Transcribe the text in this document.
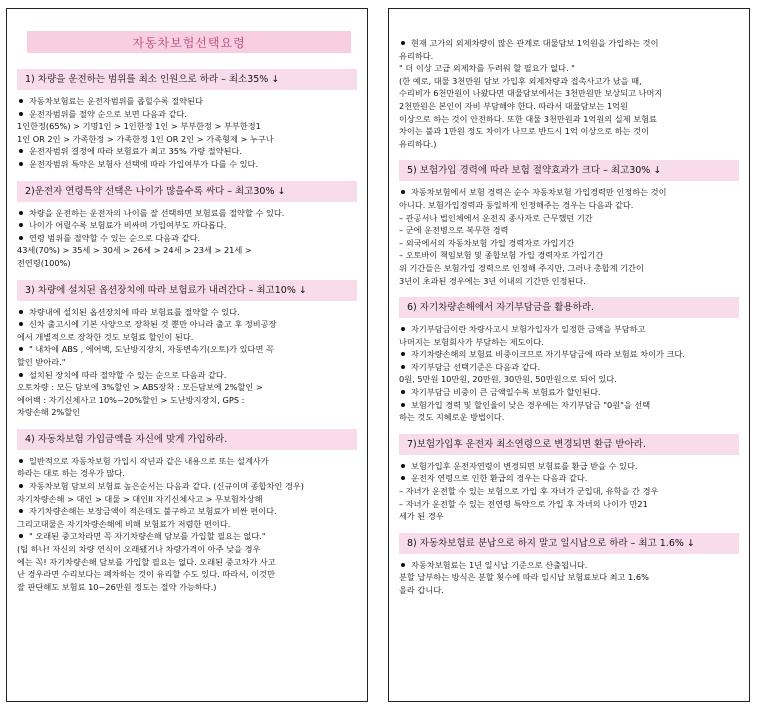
자동차보험선택요령
1) 차량을 운전하는 범위를 최소 인원으로 하라 – 최소35% ↓
자동차보험료는 운전자범위를 좁힐수록 절약된다
운전자범위를 절약 순으로 보면 다음과 같다.
1인한정(65%) > 기명1인 > 1인한정 1인 > 부부한정 > 부부한정1
1인 OR 2인 > 가족한정 > 가족한정 1인 OR 2인 > 가족형제 > 누구나
운전자범위 결정에 따라 보험료가 최고 35% 가량 절약된다.
운전자범위 특약은 보험사 선택에 따라 가입여부가 다를 수 있다.
2)운전자 연령특약 선택은 나이가 많을수록 싸다 – 최고30% ↓
차량을 운전하는 운전자의 나이를 잘 선택하면 보험료를 절약할 수 있다.
나이가 어릴수록 보험료가 비싸며 가입여부도 까다롭다.
연령 범위를 절약할 수 있는 순으로 다음과 같다.
43세(70%) > 35세 > 30세 > 26세 > 24세 > 23세 > 21세 >
전연령(100%)
3) 차량에 설치된 옵션장치에 따라 보험료가 내려간다 – 최고10% ↓
차량내에 설치된 옵션장치에 따라 보험료를 절약할 수 있다.
신차 출고시에 기본 사양으로 장착된 것 뿐만 아니라 출고 후 정비공장
에서 개별적으로 장착한 것도 보험료 할인이 된다.
" 내차에 ABS , 에어백, 도난방지장치, 자동변속기(오토)가 있다면 꼭
할인 받아라."
설치된 장치에 따라 절약할 수 있는 순으로 다음과 같다.
오토차량 : 모든 담보에 3%할인 > ABS장착 : 모든담보에 2%할인 >
에어백 : 자기신체사고 10%~20%할인 > 도난방지장치, GPS :
차량손해 2%할인
4) 자동차보험 가입금액을 자신에 맞게 가입하라.
일반적으로 자동차보험 가입시 작년과 같은 내용으로 또는 설계사가
하라는 대로 하는 경우가 많다.
자동차보험 담보의 보험료 높은순서는 다음과 같다. (신규이며 종합차인 경우)
자기차량손해 > 대인 > 대물 > 대인II 자기신체사고 > 무보험차상해
자기차량손해는 보장금액이 적은데도 불구하고 보험료가 비싼 편이다.
그리고대물은 자기차량손해에 비해 보험료가 저렴한 편이다.
" 오래된 중고차라면 꼭 자기차량손해 담보를 가입할 필요는 없다."
(팁 하나! 자신의 차량 연식이 오래됐거나 차량가격이 아주 낮을 경우
에는 꼭! 자기차량손해 담보를 가입할 필요는 없다. 오래된 중고차가 사고
난 경우라면 수리보다는 폐차하는 것이 유리할 수도 있다. 따라서, 이것만
잘 판단해도 보험료 10~26만원 정도는 절약 가능하다.)
현재 고가의 외제차량이 많은 관계로 대물담보 1억원을 가입하는 것이
유리하다.
" 더 이상 고급 외제차를 두려워 할 필요가 없다. "
(한 예로, 대물 3천만원 담보 가입후 외제차량과 접촉사고가 났을 때,
수리비가 6천만원이 나왔다면 대물담보에서는 3천만원만 보상되고 나머지
2천만원은 본인이 자비 부담해야 한다. 따라서 대물담보는 1억원
이상으로 하는 것이 안전하다. 또한 대물 3천만원과 1억원의 실제 보험료
차이는 불과 1만원 정도 차이가 나므로 반드시 1억 이상으로 하는 것이
유리하다.)
5) 보험가입 경력에 따라 보험 절약효과가 크다 – 최고30% ↓
자동차보험에서 보험 경력은 순수 자동차보험 가입경력만 인정하는 것이
아니다. 보험가입경력과 동일하게 인정해주는 경우는 다음과 같다.
– 관공서나 법인체에서 운전직 종사자로 근무했던 기간
– 군에 운전병으로 복무한 경력
– 외국에서의 자동차보험 가입 경력자로 가입기간
– 오토바이 책임보험 및 종합보험 가입 경력자로 가입기간
위 기간들은 보험가입 경력으로 인정해 주지만, 그러나 총합계 기간이
3년이 초과된 경우에는 3년 이내의 기간만 인정된다.
6) 자기차량손해에서 자기부담금을 활용하라.
자기부담금이란 차량사고시 보험가입자가 일정한 금액을 부담하고
나머지는 보험회사가 부담하는 제도이다.
자기차량손해의 보험료 비중이크므로 자기부담금에 따라 보험료 차이가 크다.
자기부담금 선택기준은 다음과 같다.
0원, 5만원 10만원, 20만원, 30만원, 50만원으로 되어 있다.
자기부담금 비중이 큰 금액일수록 보험료가 할인된다.
보험가입 경력 및 할인율이 낮은 경우에는 자기부담금 "0원"을 선택
하는 것도 지혜로운 방법이다.
7)보험가입후 운전자 최소연령으로 변경되면 환급 받아라.
보험가입후 운전자연령이 변경되면 보험료를 환급 받을 수 있다.
운전자 연령으로 인한 환급의 경우는 다음과 같다.
– 자녀가 운전할 수 있는 보험으로 가입 후 자녀가 군입대, 유학을 간 경우
– 자녀가 운전할 수 있는 전연령 특약으로 가입 후 자녀의 나이가 만21
세가 된 경우
8) 자동차보험료 분납으로 하지 말고 일시납으로 하라 – 최고 1.6% ↓
자동차보험료는 1년 일시납 기준으로 산출됩니다.
분할 납부하는 방식은 분할 횟수에 따라 일시납 보험료보다 최고 1.6%
올라 갑니다.
